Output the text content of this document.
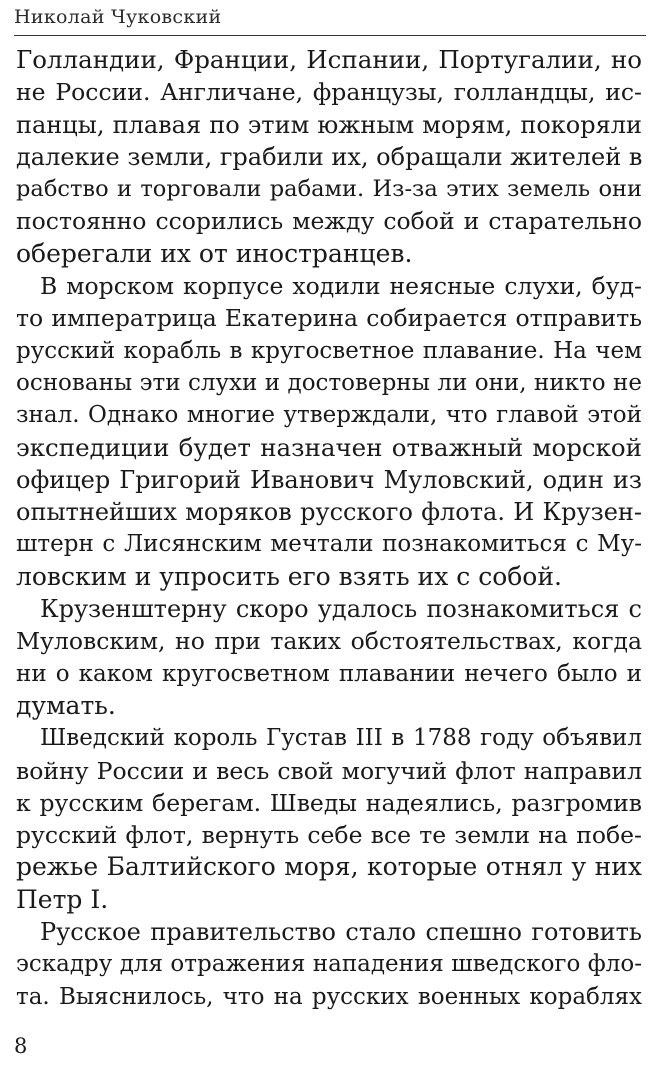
Николай Чуковский
Голландии, Франции, Испании, Португалии, но
не России. Англичане, французы, голландцы, ис-
панцы, плавая по этим южным морям, покоряли
далекие земли, грабили их, обращали жителей в
рабство и торговали рабами. Из-за этих земель они
постоянно ссорились между собой и старательно
оберегали их от иностранцев.
В морском корпусе ходили неясные слухи, буд-
то императрица Екатерина собирается отправить
русский корабль в кругосветное плавание. На чем
основаны эти слухи и достоверны ли они, никто не
знал. Однако многие утверждали, что главой этой
экспедиции будет назначен отважный морской
офицер Григорий Иванович Муловский, один из
опытнейших моряков русского флота. И Крузен-
штерн с Лисянским мечтали познакомиться с Му-
ловским и упросить его взять их с собой.
Крузенштерну скоро удалось познакомиться с
Муловским, но при таких обстоятельствах, когда
ни о каком кругосветном плавании нечего было и
думать.
Шведский король Густав III в 1788 году объявил
войну России и весь свой могучий флот направил
к русским берегам. Шведы надеялись, разгромив
русский флот, вернуть себе все те земли на побе-
режье Балтийского моря, которые отнял у них
Петр I.
Русское правительство стало спешно готовить
эскадру для отражения нападения шведского фло-
та. Выяснилось, что на русских военных кораблях
8
